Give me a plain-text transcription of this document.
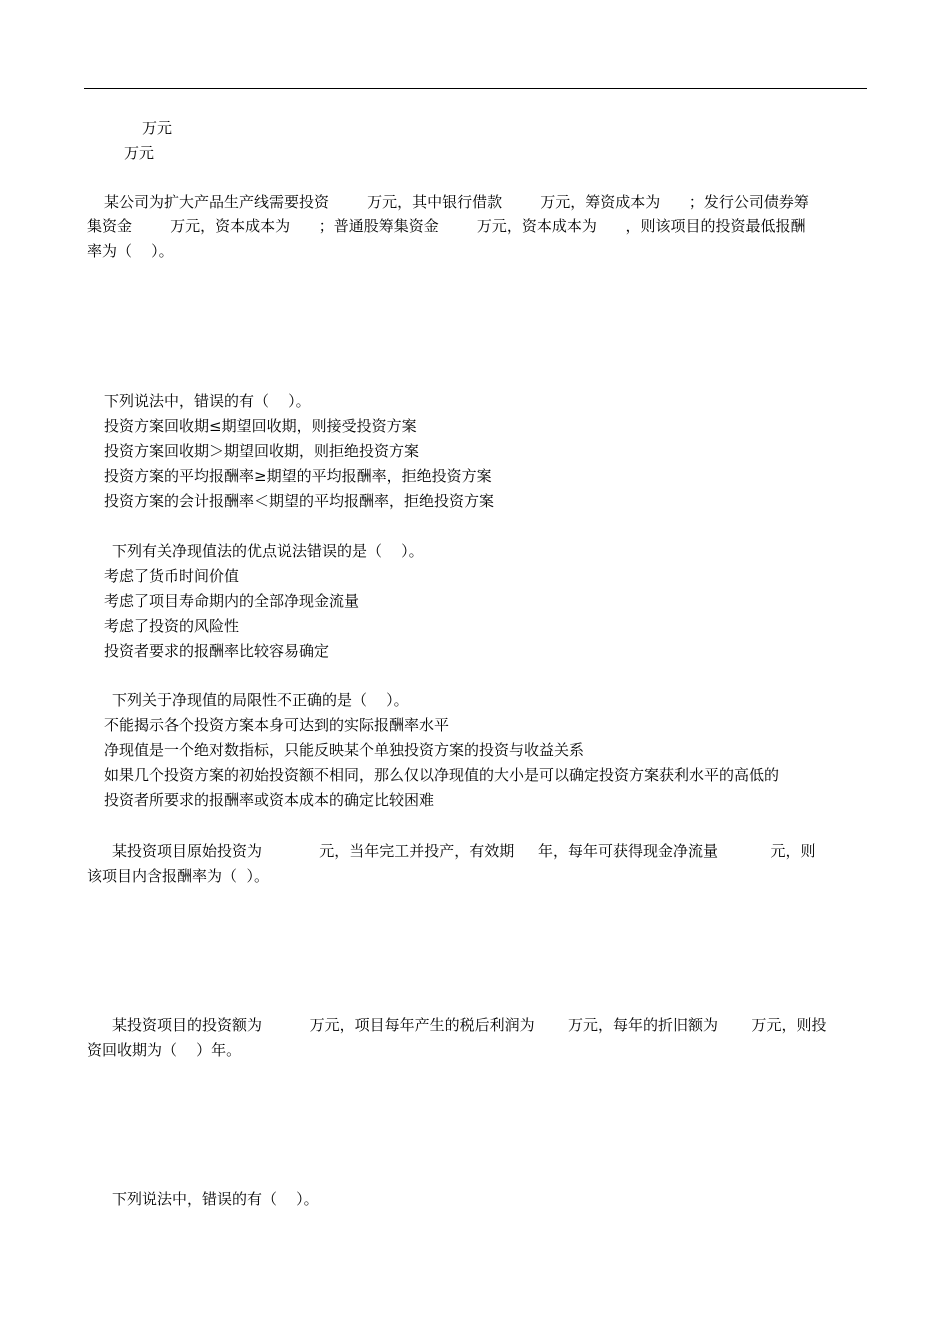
万元
万元
某公司为扩大产品生产线需要投资        万元，其中银行借款        万元，筹资成本为      ；发行公司债券筹
集资金        万元，资本成本为      ；普通股筹集资金        万元，资本成本为      ，则该项目的投资最低报酬
率为（    ）。
下列说法中，错误的有（    ）。
投资方案回收期≤期望回收期，则接受投资方案
投资方案回收期＞期望回收期，则拒绝投资方案
投资方案的平均报酬率≥期望的平均报酬率，拒绝投资方案
投资方案的会计报酬率＜期望的平均报酬率，拒绝投资方案
下列有关净现值法的优点说法错误的是（    ）。
考虑了货币时间价值
考虑了项目寿命期内的全部净现金流量
考虑了投资的风险性
投资者要求的报酬率比较容易确定
下列关于净现值的局限性不正确的是（    ）。
不能揭示各个投资方案本身可达到的实际报酬率水平
净现值是一个绝对数指标，只能反映某个单独投资方案的投资与收益关系
如果几个投资方案的初始投资额不相同，那么仅以净现值的大小是可以确定投资方案获利水平的高低的
投资者所要求的报酬率或资本成本的确定比较困难
某投资项目原始投资为            元，当年完工并投产，有效期     年，每年可获得现金净流量           元，则
该项目内含报酬率为（  ）。
某投资项目的投资额为          万元，项目每年产生的税后利润为       万元，每年的折旧额为       万元，则投
资回收期为（    ）年。
下列说法中，错误的有（    ）。
